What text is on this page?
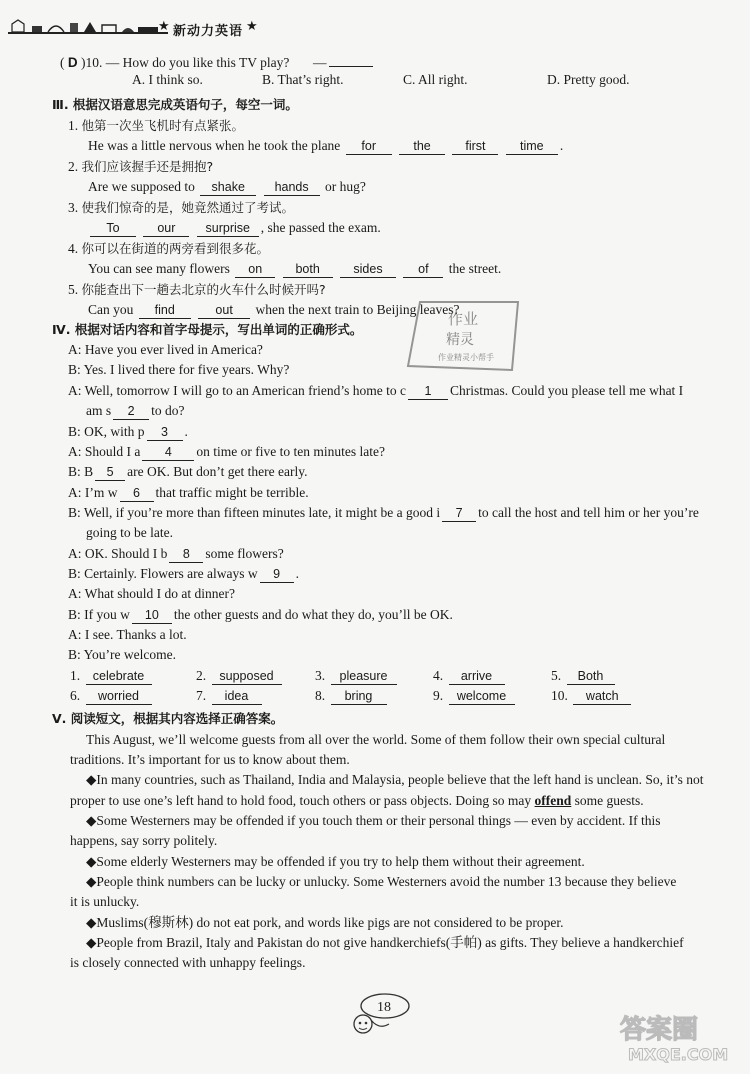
★ 新动力英语 ★
( D )10. — How do you like this TV play? —
A. I think so.	B. That’s right.	C. All right.	D. Pretty good.
Ⅲ. 根据汉语意思完成英语句子，每空一词。
1. 他第一次坐飞机时有点紧张。
He was a little nervous when he took the plane for	the	first	time .
2. 我们应该握手还是拥抱?
Are we supposed to shake hands or hug?
3. 使我们惊奇的是，她竟然通过了考试。
To	our surprise , she passed the exam.
4. 你可以在街道的两旁看到很多花。
You can see many flowers on	both	sides	of the street.
5. 你能查出下一趟去北京的火车什么时候开吗?
Can you find	out when the next train to Beijing leaves?
作业
精灵
作业精灵小帮手
Ⅳ. 根据对话内容和首字母提示，写出单词的正确形式。
A: Have you ever lived in America?
B: Yes. I lived there for five years. Why?
A: Well, tomorrow I will go to an American friend’s home to c 1 Christmas. Could you please tell me what I
am s 2 to do?
B: OK, with p 3 .
A: Should I a 4 on time or five to ten minutes late?
B: B 5 are OK. But don’t get there early.
A: I’m w 6 that traffic might be terrible.
B: Well, if you’re more than fifteen minutes late, it might be a good i 7 to call the host and tell him or her you’re
going to be late.
A: OK. Should I b 8 some flowers?
B: Certainly. Flowers are always w 9 .
A: What should I do at dinner?
B: If you w 10 the other guests and do what they do, you’ll be OK.
A: I see. Thanks a lot.
B: You’re welcome.
1. celebrate	2. supposed	3. pleasure	4. arrive	5. Both
6. worried	7. idea	8. bring	9. welcome	10. watch
Ⅴ. 阅读短文，根据其内容选择正确答案。
This August, we’ll welcome guests from all over the world. Some of them follow their own special cultural
traditions. It’s important for us to know about them.
◆In many countries, such as Thailand, India and Malaysia, people believe that the left hand is unclean. So, it’s not
proper to use one’s left hand to hold food, touch others or pass objects. Doing so may offend some guests.
◆Some Westerners may be offended if you touch them or their personal things — even by accident. If this
happens, say sorry politely.
◆Some elderly Westerners may be offended if you try to help them without their agreement.
◆People think numbers can be lucky or unlucky. Some Westerners avoid the number 13 because they believe
it is unlucky.
◆Muslims(穆斯林) do not eat pork, and words like pigs are not considered to be proper.
◆People from Brazil, Italy and Pakistan do not give handkerchiefs(手帕) as gifts. They believe a handkerchief
is closely connected with unhappy feelings.
18
答案圈
MXQE.COM
